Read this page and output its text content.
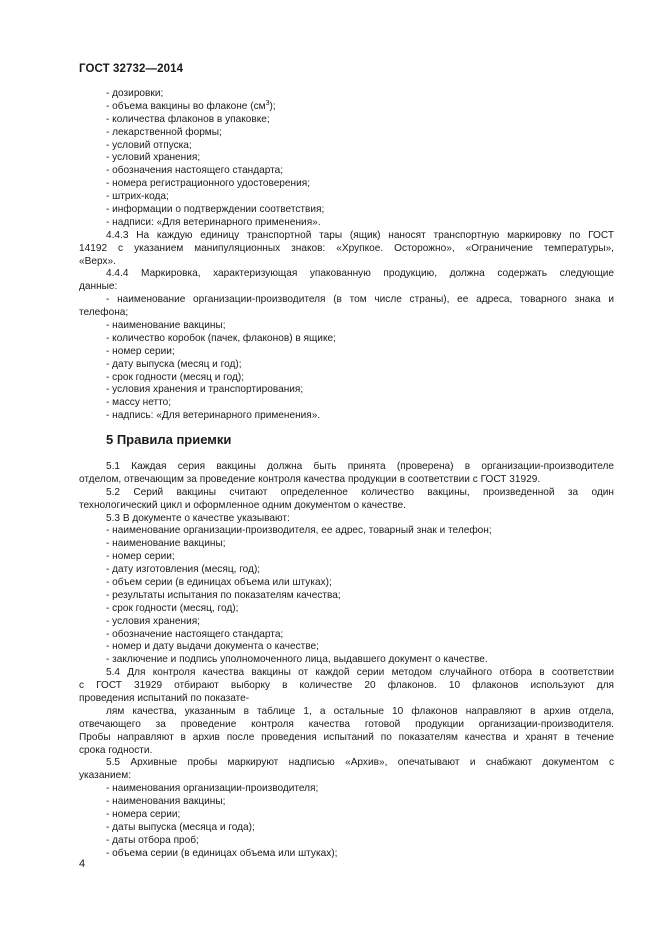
ГОСТ 32732—2014
- дозировки;
- объема вакцины во флаконе $(см^3)$;
- количества флаконов в упаковке;
- лекарственной формы;
- условий отпуска;
- условий хранения;
- обозначения настоящего стандарта;
- номера регистрационного удостоверения;
- штрих-кода;
- информации о подтверждении соответствия;
- надписи: «Для ветеринарного применения».
4.4.3 На каждую единицу транспортной тары (ящик) наносят транспортную маркировку по ГОСТ
14192 с указанием манипуляционных знаков: «Хрупкое. Осторожно», «Ограничение температуры»,
«Верх».
4.4.4 Маркировка, характеризующая упакованную продукцию, должна содержать следующие
данные:
- наименование организации-производителя (в том числе страны), ее адреса, товарного знака и
телефона;
- наименование вакцины;
- количество коробок (пачек, флаконов) в ящике;
- номер серии;
- дату выпуска (месяц и год);
- срок годности (месяц и год);
- условия хранения и транспортирования;
- массу нетто;
- надпись: «Для ветеринарного применения».
5 Правила приемки
5.1 Каждая серия вакцины должна быть принята (проверена) в организации-производителе
отделом, отвечающим за проведение контроля качества продукции в соответствии с ГОСТ 31929.
5.2 Серий вакцины считают определенное количество вакцины, произведенной за один
технологический цикл и оформленное одним документом о качестве.
5.3 В документе о качестве указывают:
- наименование организации-производителя, ее адрес, товарный знак и телефон;
- наименование вакцины;
- номер серии;
- дату изготовления (месяц, год);
- объем серии (в единицах объема или штуках);
- результаты испытания по показателям качества;
- срок годности (месяц, год);
- условия хранения;
- обозначение настоящего стандарта;
- номер и дату выдачи документа о качестве;
- заключение и подпись уполномоченного лица, выдавшего документ о качестве.
5.4 Для контроля качества вакцины от каждой серии методом случайного отбора в соответствии
с ГОСТ 31929 отбирают выборку в количестве 20 флаконов. 10 флаконов используют для
проведения испытаний по показате-
лям качества, указанным в таблице 1, а остальные 10 флаконов направляют в архив отдела,
отвечающего за проведение контроля качества готовой продукции организации-производителя.
Пробы направляют в архив после проведения испытаний по показателям качества и хранят в течение
срока годности.
5.5 Архивные пробы маркируют надписью «Архив», опечатывают и снабжают документом с
указанием:
- наименования организации-производителя;
- наименования вакцины;
- номера серии;
- даты выпуска (месяца и года);
- даты отбора проб;
- объема серии (в единицах объема или штуках);
4
